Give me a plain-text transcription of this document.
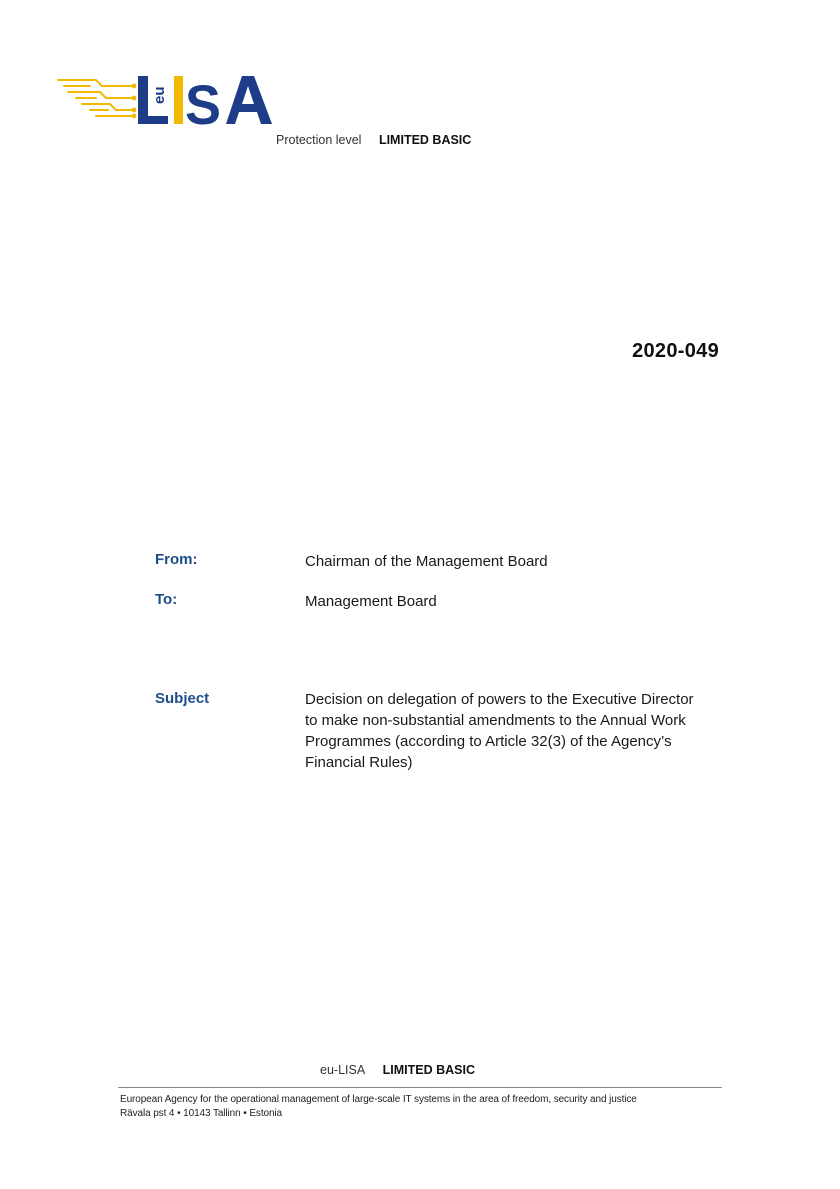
eu S
Protection level LIMITED BASIC
2020-049
From:	Chairman of the Management Board
To:	Management Board
Subject	Decision on delegation of powers to the Executive Director to make non-substantial amendments to the Annual Work Programmes (according to Article 32(3) of the Agency’s Financial Rules)
eu-LISA LIMITED BASIC
European Agency for the operational management of large-scale IT systems in the area of freedom, security and justice
Rävala pst 4 • 10143 Tallinn • Estonia
